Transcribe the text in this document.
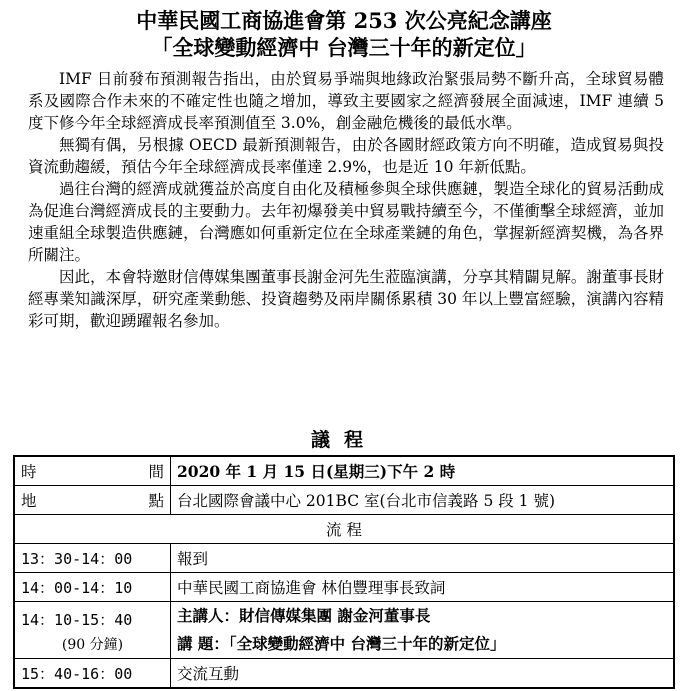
中華民國工商協進會第 253 次公亮紀念講座
「全球變動經濟中 台灣三十年的新定位」

IMF 日前發布預測報告指出，由於貿易爭端與地緣政治緊張局勢不斷升高，全球貿易體系及國際合作未來的不確定性也隨之增加，導致主要國家之經濟發展全面減速，IMF 連續 5 度下修今年全球經濟成長率預測值至 3.0%，創金融危機後的最低水準。

無獨有偶，另根據 OECD 最新預測報告，由於各國財經政策方向不明確，造成貿易與投資流動趨緩，預估今年全球經濟成長率僅達 2.9%，也是近 10 年新低點。

過往台灣的經濟成就獲益於高度自由化及積極參與全球供應鏈，製造全球化的貿易活動成為促進台灣經濟成長的主要動力。去年初爆發美中貿易戰持續至今，不僅衝擊全球經濟，並加速重組全球製造供應鏈，台灣應如何重新定位在全球產業鏈的角色，掌握新經濟契機，為各界所關注。

因此，本會特邀財信傳媒集團董事長謝金河先生蒞臨演講，分享其精闢見解。謝董事長財經專業知識深厚，研究產業動態、投資趨勢及兩岸關係累積 30 年以上豐富經驗，演講內容精彩可期，歡迎踴躍報名參加。

議程
時 間	2020 年 1 月 15 日(星期三)下午 2 時

地 點	台北國際會議中心 201BC 室(台北市信義路 5 段 1 號)
流 程	
13：30-14：00	報到
14：00-14：10	中華民國工商協進會 林伯豐理事長致詞

14：10-15：40
(90 分鐘)	主講人：財信傳媒集團 謝金河董事長
講 題：「全球變動經濟中 台灣三十年的新定位」

15：40-16：00	交流互動
